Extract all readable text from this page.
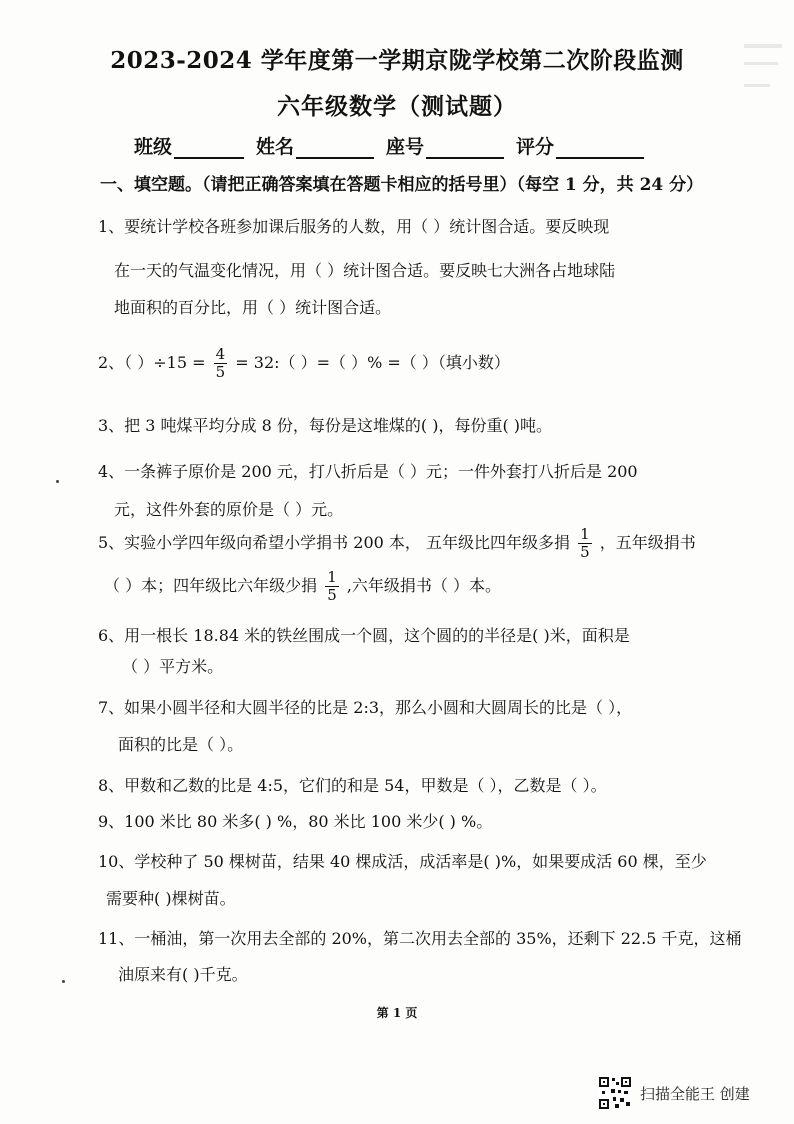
2023-2024 学年度第一学期京陇学校第二次阶段监测
六年级数学（测试题）
班级	姓名	座号	评分
一、填空题。（请把正确答案填在答题卡相应的括号里）（每空 1 分，共 24 分）
1、要统计学校各班参加课后服务的人数，用（ ）统计图合适。要反映现
在一天的气温变化情况，用（ ）统计图合适。要反映七大洲各占地球陆
地面积的百分比，用（ ）统计图合适。
2、（ ）$\div 15 = \frac{4}{5}$ = 32:（ ）=（ ）% =（ ）（填小数）
3、把 3 吨煤平均分成 8 份，每份是这堆煤的( )，每份重( )吨。
4、一条裤子原价是 200 元，打八折后是（ ）元；一件外套打八折后是 200
元，这件外套的原价是（ ）元。
5、实验小学四年级向希望小学捐书 200 本， 五年级比四年级多捐 $\frac{1}{5}$ ，五年级捐书
（ ）本；四年级比六年级少捐 $\frac{1}{5}$ ,六年级捐书（ ）本。
6、用一根长 18.84 米的铁丝围成一个圆，这个圆的的半径是( )米，面积是
（ ）平方米。
7、如果小圆半径和大圆半径的比是 2:3，那么小圆和大圆周长的比是（ ），
面积的比是（ ）。
8、甲数和乙数的比是 4:5，它们的和是 54，甲数是（ ），乙数是（ ）。
9、100 米比 80 米多( ) %，80 米比 100 米少( ) %。
10、学校种了 50 棵树苗，结果 40 棵成活，成活率是( )%，如果要成活 60 棵，至少
需要种( )棵树苗。
11、一桶油，第一次用去全部的 20%，第二次用去全部的 35%，还剩下 22.5 千克，这桶
油原来有( )千克。
第 1 页
扫描全能王 创建
